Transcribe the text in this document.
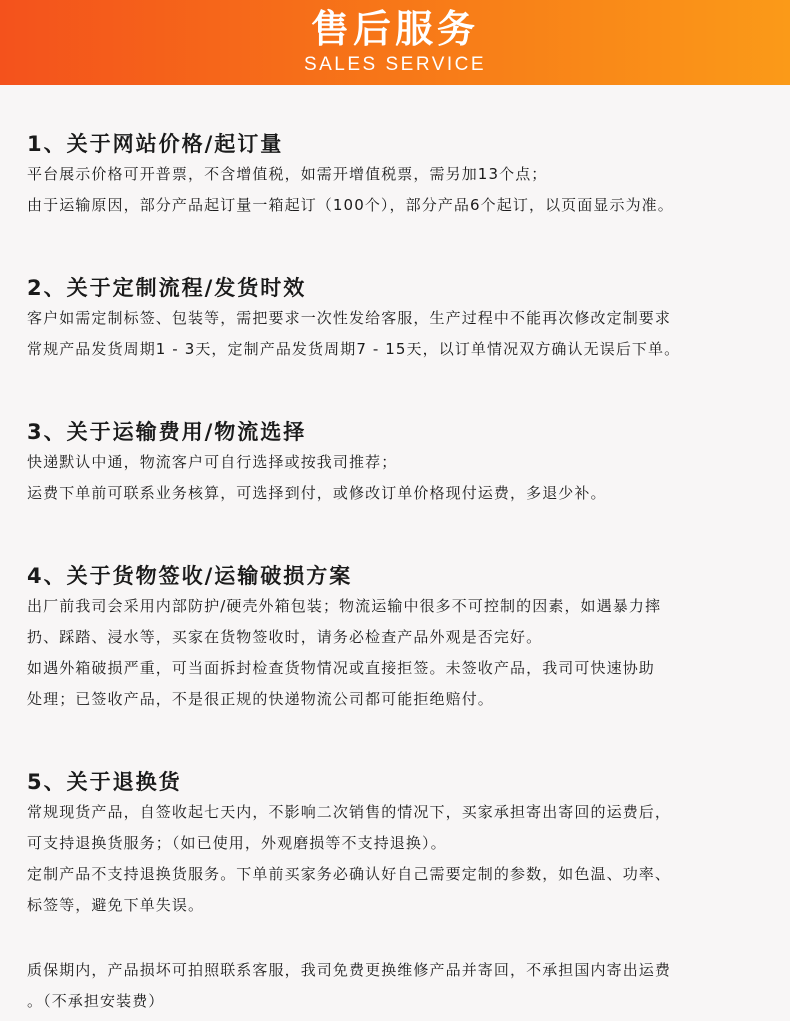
售后服务
SALES SERVICE
1、关于网站价格/起订量

平台展示价格可开普票，不含增值税，如需开增值税票，需另加13个点；

由于运输原因，部分产品起订量一箱起订（100个），部分产品6个起订，以页面显示为准。

2、关于定制流程/发货时效

客户如需定制标签、包装等，需把要求一次性发给客服，生产过程中不能再次修改定制要求

常规产品发货周期1 - 3天，定制产品发货周期7 - 15天，以订单情况双方确认无误后下单。

3、关于运输费用/物流选择

快递默认中通，物流客户可自行选择或按我司推荐；

运费下单前可联系业务核算，可选择到付，或修改订单价格现付运费，多退少补。

4、关于货物签收/运输破损方案

出厂前我司会采用内部防护/硬壳外箱包装；物流运输中很多不可控制的因素，如遇暴力摔

扔、踩踏、浸水等，买家在货物签收时，请务必检查产品外观是否完好。

如遇外箱破损严重，可当面拆封检查货物情况或直接拒签。未签收产品，我司可快速协助

处理；已签收产品，不是很正规的快递物流公司都可能拒绝赔付。

5、关于退换货

常规现货产品，自签收起七天内，不影响二次销售的情况下，买家承担寄出寄回的运费后，

可支持退换货服务；（如已使用，外观磨损等不支持退换）。

定制产品不支持退换货服务。下单前买家务必确认好自己需要定制的参数，如色温、功率、

标签等，避免下单失误。

质保期内，产品损坏可拍照联系客服，我司免费更换维修产品并寄回，不承担国内寄出运费

。（不承担安装费）
